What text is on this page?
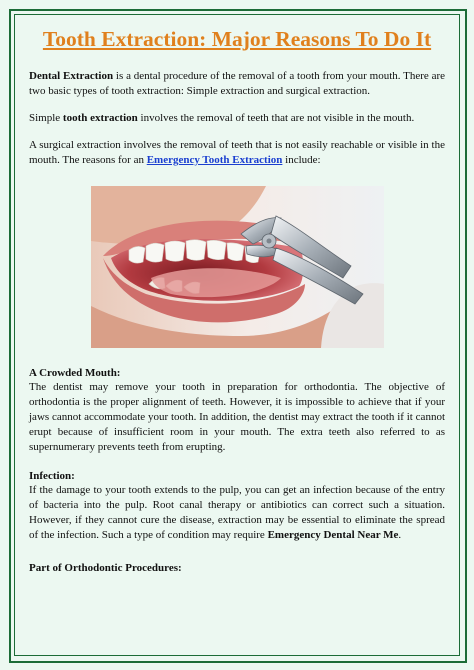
Tooth Extraction: Major Reasons To Do It

Dental Extraction is a dental procedure of the removal of a tooth from your mouth. There are two basic types of tooth extraction: Simple extraction and surgical extraction.

Simple tooth extraction involves the removal of teeth that are not visible in the mouth.

A surgical extraction involves the removal of teeth that is not easily reachable or visible in the mouth. The reasons for an Emergency Tooth Extraction include:

A Crowded Mouth:

The dentist may remove your tooth in preparation for orthodontia. The objective of orthodontia is the proper alignment of teeth. However, it is impossible to achieve that if your jaws cannot accommodate your tooth. In addition, the dentist may extract the tooth if it cannot erupt because of insufficient room in your mouth. The extra teeth also referred to as supernumerary prevents teeth from erupting.

Infection:

If the damage to your tooth extends to the pulp, you can get an infection because of the entry of bacteria into the pulp. Root canal therapy or antibiotics can correct such a situation. However, if they cannot cure the disease, extraction may be essential to eliminate the spread of the infection. Such a type of condition may require Emergency Dental Near Me.

Part of Orthodontic Procedures:
